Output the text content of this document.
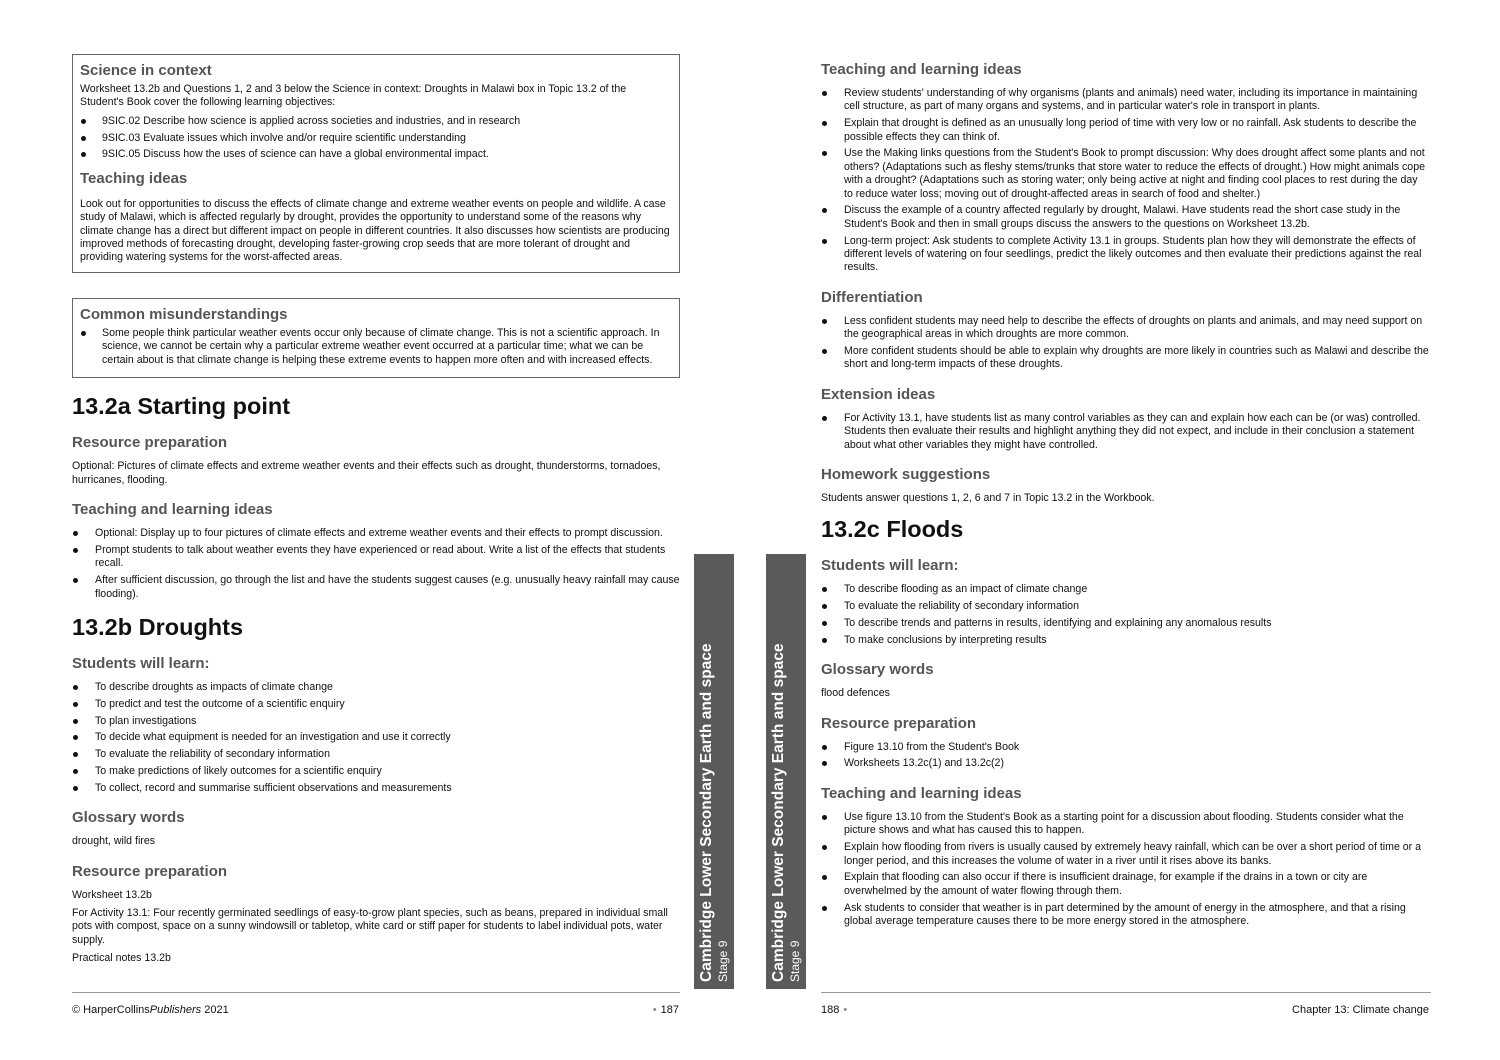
Science in context

Worksheet 13.2b and Questions 1, 2 and 3 below the Science in context: Droughts in Malawi box in Topic 13.2 of the Student's Book cover the following learning objectives:

9SIC.02 Describe how science is applied across societies and industries, and in research
9SIC.03 Evaluate issues which involve and/or require scientific understanding
9SIC.05 Discuss how the uses of science can have a global environmental impact.
Teaching ideas

Look out for opportunities to discuss the effects of climate change and extreme weather events on people and wildlife. A case study of Malawi, which is affected regularly by drought, provides the opportunity to understand some of the reasons why climate change has a direct but different impact on people in different countries. It also discusses how scientists are producing improved methods of forecasting drought, developing faster-growing crop seeds that are more tolerant of drought and providing watering systems for the worst-affected areas.

Common misunderstandings
Some people think particular weather events occur only because of climate change. This is not a scientific approach. In science, we cannot be certain why a particular extreme weather event occurred at a particular time; what we can be certain about is that climate change is helping these extreme events to happen more often and with increased effects.
13.2a Starting point
Resource preparation

Optional: Pictures of climate effects and extreme weather events and their effects such as drought, thunderstorms, tornadoes, hurricanes, flooding.

Teaching and learning ideas
Optional: Display up to four pictures of climate effects and extreme weather events and their effects to prompt discussion.
Prompt students to talk about weather events they have experienced or read about. Write a list of the effects that students recall.
After sufficient discussion, go through the list and have the students suggest causes (e.g. unusually heavy rainfall may cause flooding).
13.2b Droughts
Students will learn:
To describe droughts as impacts of climate change
To predict and test the outcome of a scientific enquiry
To plan investigations
To decide what equipment is needed for an investigation and use it correctly
To evaluate the reliability of secondary information
To make predictions of likely outcomes for a scientific enquiry
To collect, record and summarise sufficient observations and measurements
Glossary words

drought, wild fires

Resource preparation

Worksheet 13.2b

For Activity 13.1: Four recently germinated seedlings of easy-to-grow plant species, such as beans, prepared in individual small pots with compost, space on a sunny windowsill or tabletop, white card or stiff paper for students to label individual pots, water supply.

Practical notes 13.2b	Cambridge Lower Secondary Earth and space Stage 9	Cambridge Lower Secondary Earth and space Stage 9
Teaching and learning ideas
Review students' understanding of why organisms (plants and animals) need water, including its importance in maintaining cell structure, as part of many organs and systems, and in particular water's role in transport in plants.
Explain that drought is defined as an unusually long period of time with very low or no rainfall. Ask students to describe the possible effects they can think of.
Use the Making links questions from the Student's Book to prompt discussion: Why does drought affect some plants and not others? (Adaptations such as fleshy stems/trunks that store water to reduce the effects of drought.) How might animals cope with a drought? (Adaptations such as storing water; only being active at night and finding cool places to rest during the day to reduce water loss; moving out of drought-affected areas in search of food and shelter.)
Discuss the example of a country affected regularly by drought, Malawi. Have students read the short case study in the Student's Book and then in small groups discuss the answers to the questions on Worksheet 13.2b.
Long-term project: Ask students to complete Activity 13.1 in groups. Students plan how they will demonstrate the effects of different levels of watering on four seedlings, predict the likely outcomes and then evaluate their predictions against the real results.
Differentiation
Less confident students may need help to describe the effects of droughts on plants and animals, and may need support on the geographical areas in which droughts are more common.
More confident students should be able to explain why droughts are more likely in countries such as Malawi and describe the short and long-term impacts of these droughts.
Extension ideas
For Activity 13.1, have students list as many control variables as they can and explain how each can be (or was) controlled. Students then evaluate their results and highlight anything they did not expect, and include in their conclusion a statement about what other variables they might have controlled.
Homework suggestions

Students answer questions 1, 2, 6 and 7 in Topic 13.2 in the Workbook.

13.2c Floods
Students will learn:
To describe flooding as an impact of climate change
To evaluate the reliability of secondary information
To describe trends and patterns in results, identifying and explaining any anomalous results
To make conclusions by interpreting results
Glossary words

flood defences

Resource preparation
Figure 13.10 from the Student's Book
Worksheets 13.2c(1) and 13.2c(2)
Teaching and learning ideas
Use figure 13.10 from the Student's Book as a starting point for a discussion about flooding. Students consider what the picture shows and what has caused this to happen.
Explain how flooding from rivers is usually caused by extremely heavy rainfall, which can be over a short period of time or a longer period, and this increases the volume of water in a river until it rises above its banks.
Explain that flooding can also occur if there is insufficient drainage, for example if the drains in a town or city are overwhelmed by the amount of water flowing through them.
Ask students to consider that weather is in part determined by the amount of energy in the atmosphere, and that a rising global average temperature causes there to be more energy stored in the atmosphere.
© HarperCollinsPublishers 2021	• 187	188 •	Chapter 13: Climate change
